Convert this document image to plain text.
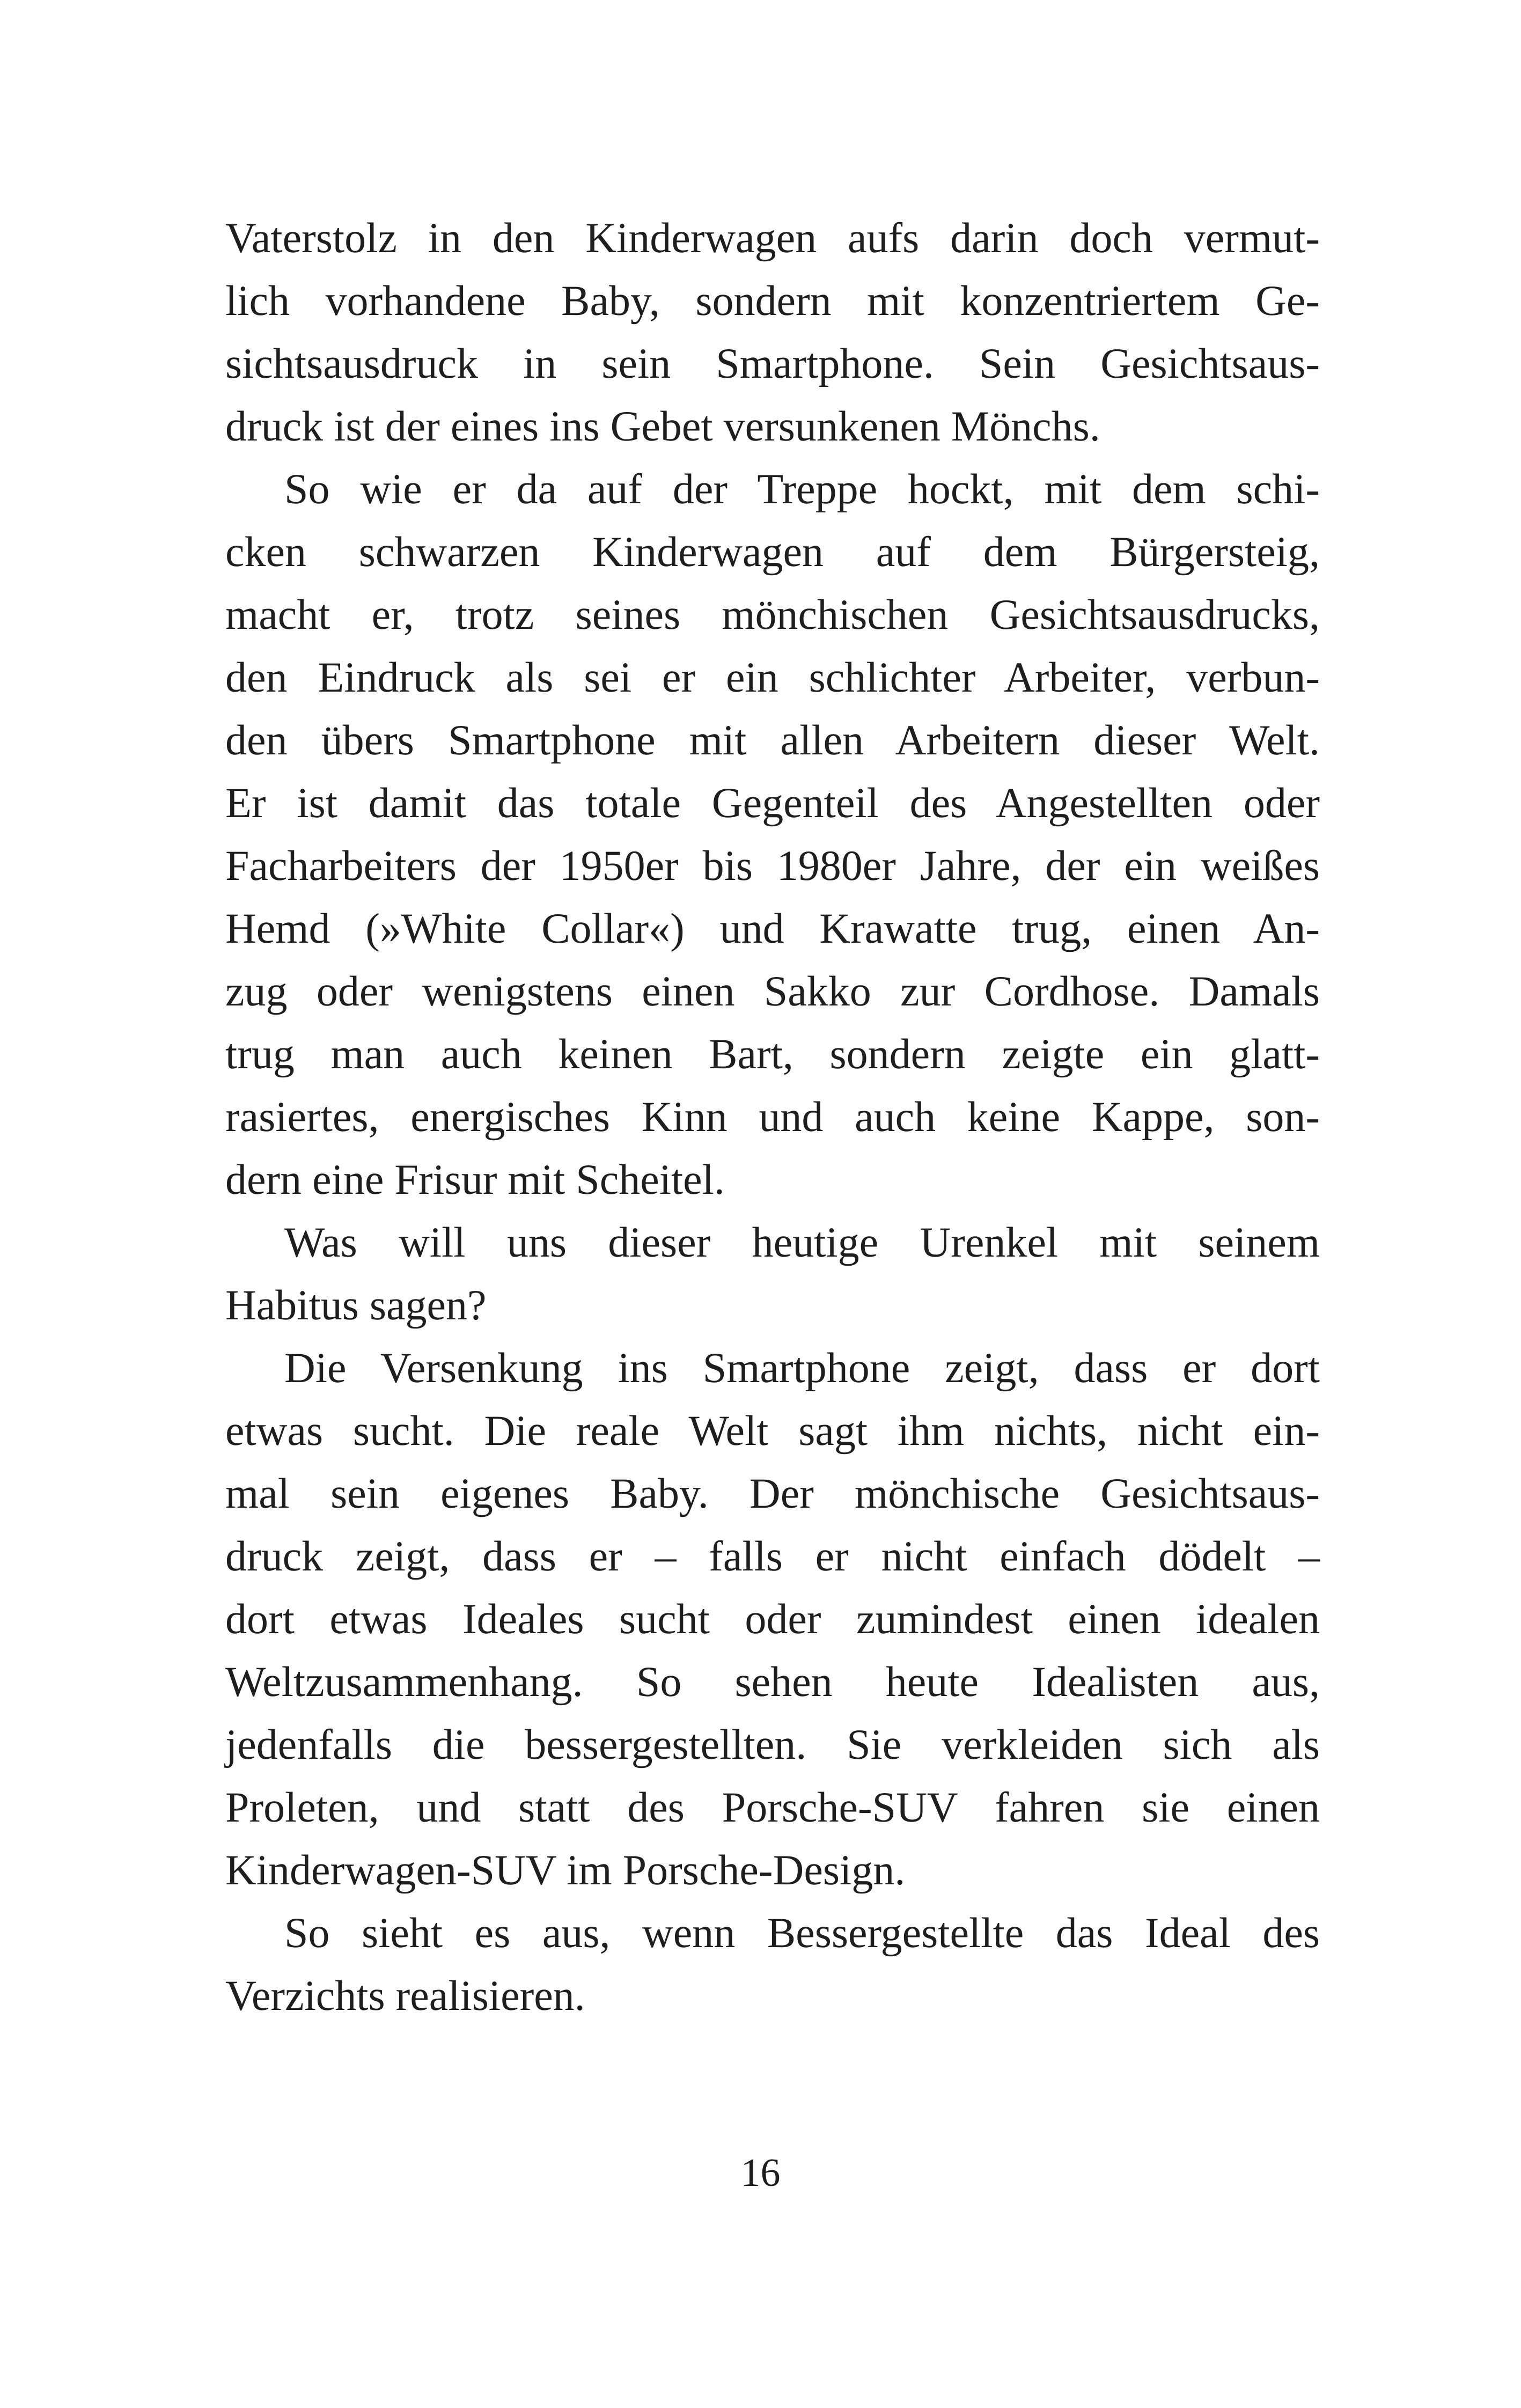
Vaterstolz in den Kinderwagen aufs darin doch vermut-
lich vorhandene Baby, sondern mit konzentriertem Ge-
sichtsausdruck in sein Smartphone. Sein Gesichtsaus-
druck ist der eines ins Gebet versunkenen Mönchs.
So wie er da auf der Treppe hockt, mit dem schi-
cken schwarzen Kinderwagen auf dem Bürgersteig,
macht er, trotz seines mönchischen Gesichtsausdrucks,
den Eindruck als sei er ein schlichter Arbeiter, verbun-
den übers Smartphone mit allen Arbeitern dieser Welt.
Er ist damit das totale Gegenteil des Angestellten oder
Facharbeiters der 1950er bis 1980er Jahre, der ein weißes
Hemd (»White Collar«) und Krawatte trug, einen An-
zug oder wenigstens einen Sakko zur Cordhose. Damals
trug man auch keinen Bart, sondern zeigte ein glatt-
rasiertes, energisches Kinn und auch keine Kappe, son-
dern eine Frisur mit Scheitel.
Was will uns dieser heutige Urenkel mit seinem
Habitus sagen?
Die Versenkung ins Smartphone zeigt, dass er dort
etwas sucht. Die reale Welt sagt ihm nichts, nicht ein-
mal sein eigenes Baby. Der mönchische Gesichtsaus-
druck zeigt, dass er – falls er nicht einfach dödelt –
dort etwas Ideales sucht oder zumindest einen idealen
Weltzusammenhang. So sehen heute Idealisten aus,
jedenfalls die bessergestellten. Sie verkleiden sich als
Proleten, und statt des Porsche-SUV fahren sie einen
Kinderwagen-SUV im Porsche-Design.
So sieht es aus, wenn Bessergestellte das Ideal des
Verzichts realisieren.
16
